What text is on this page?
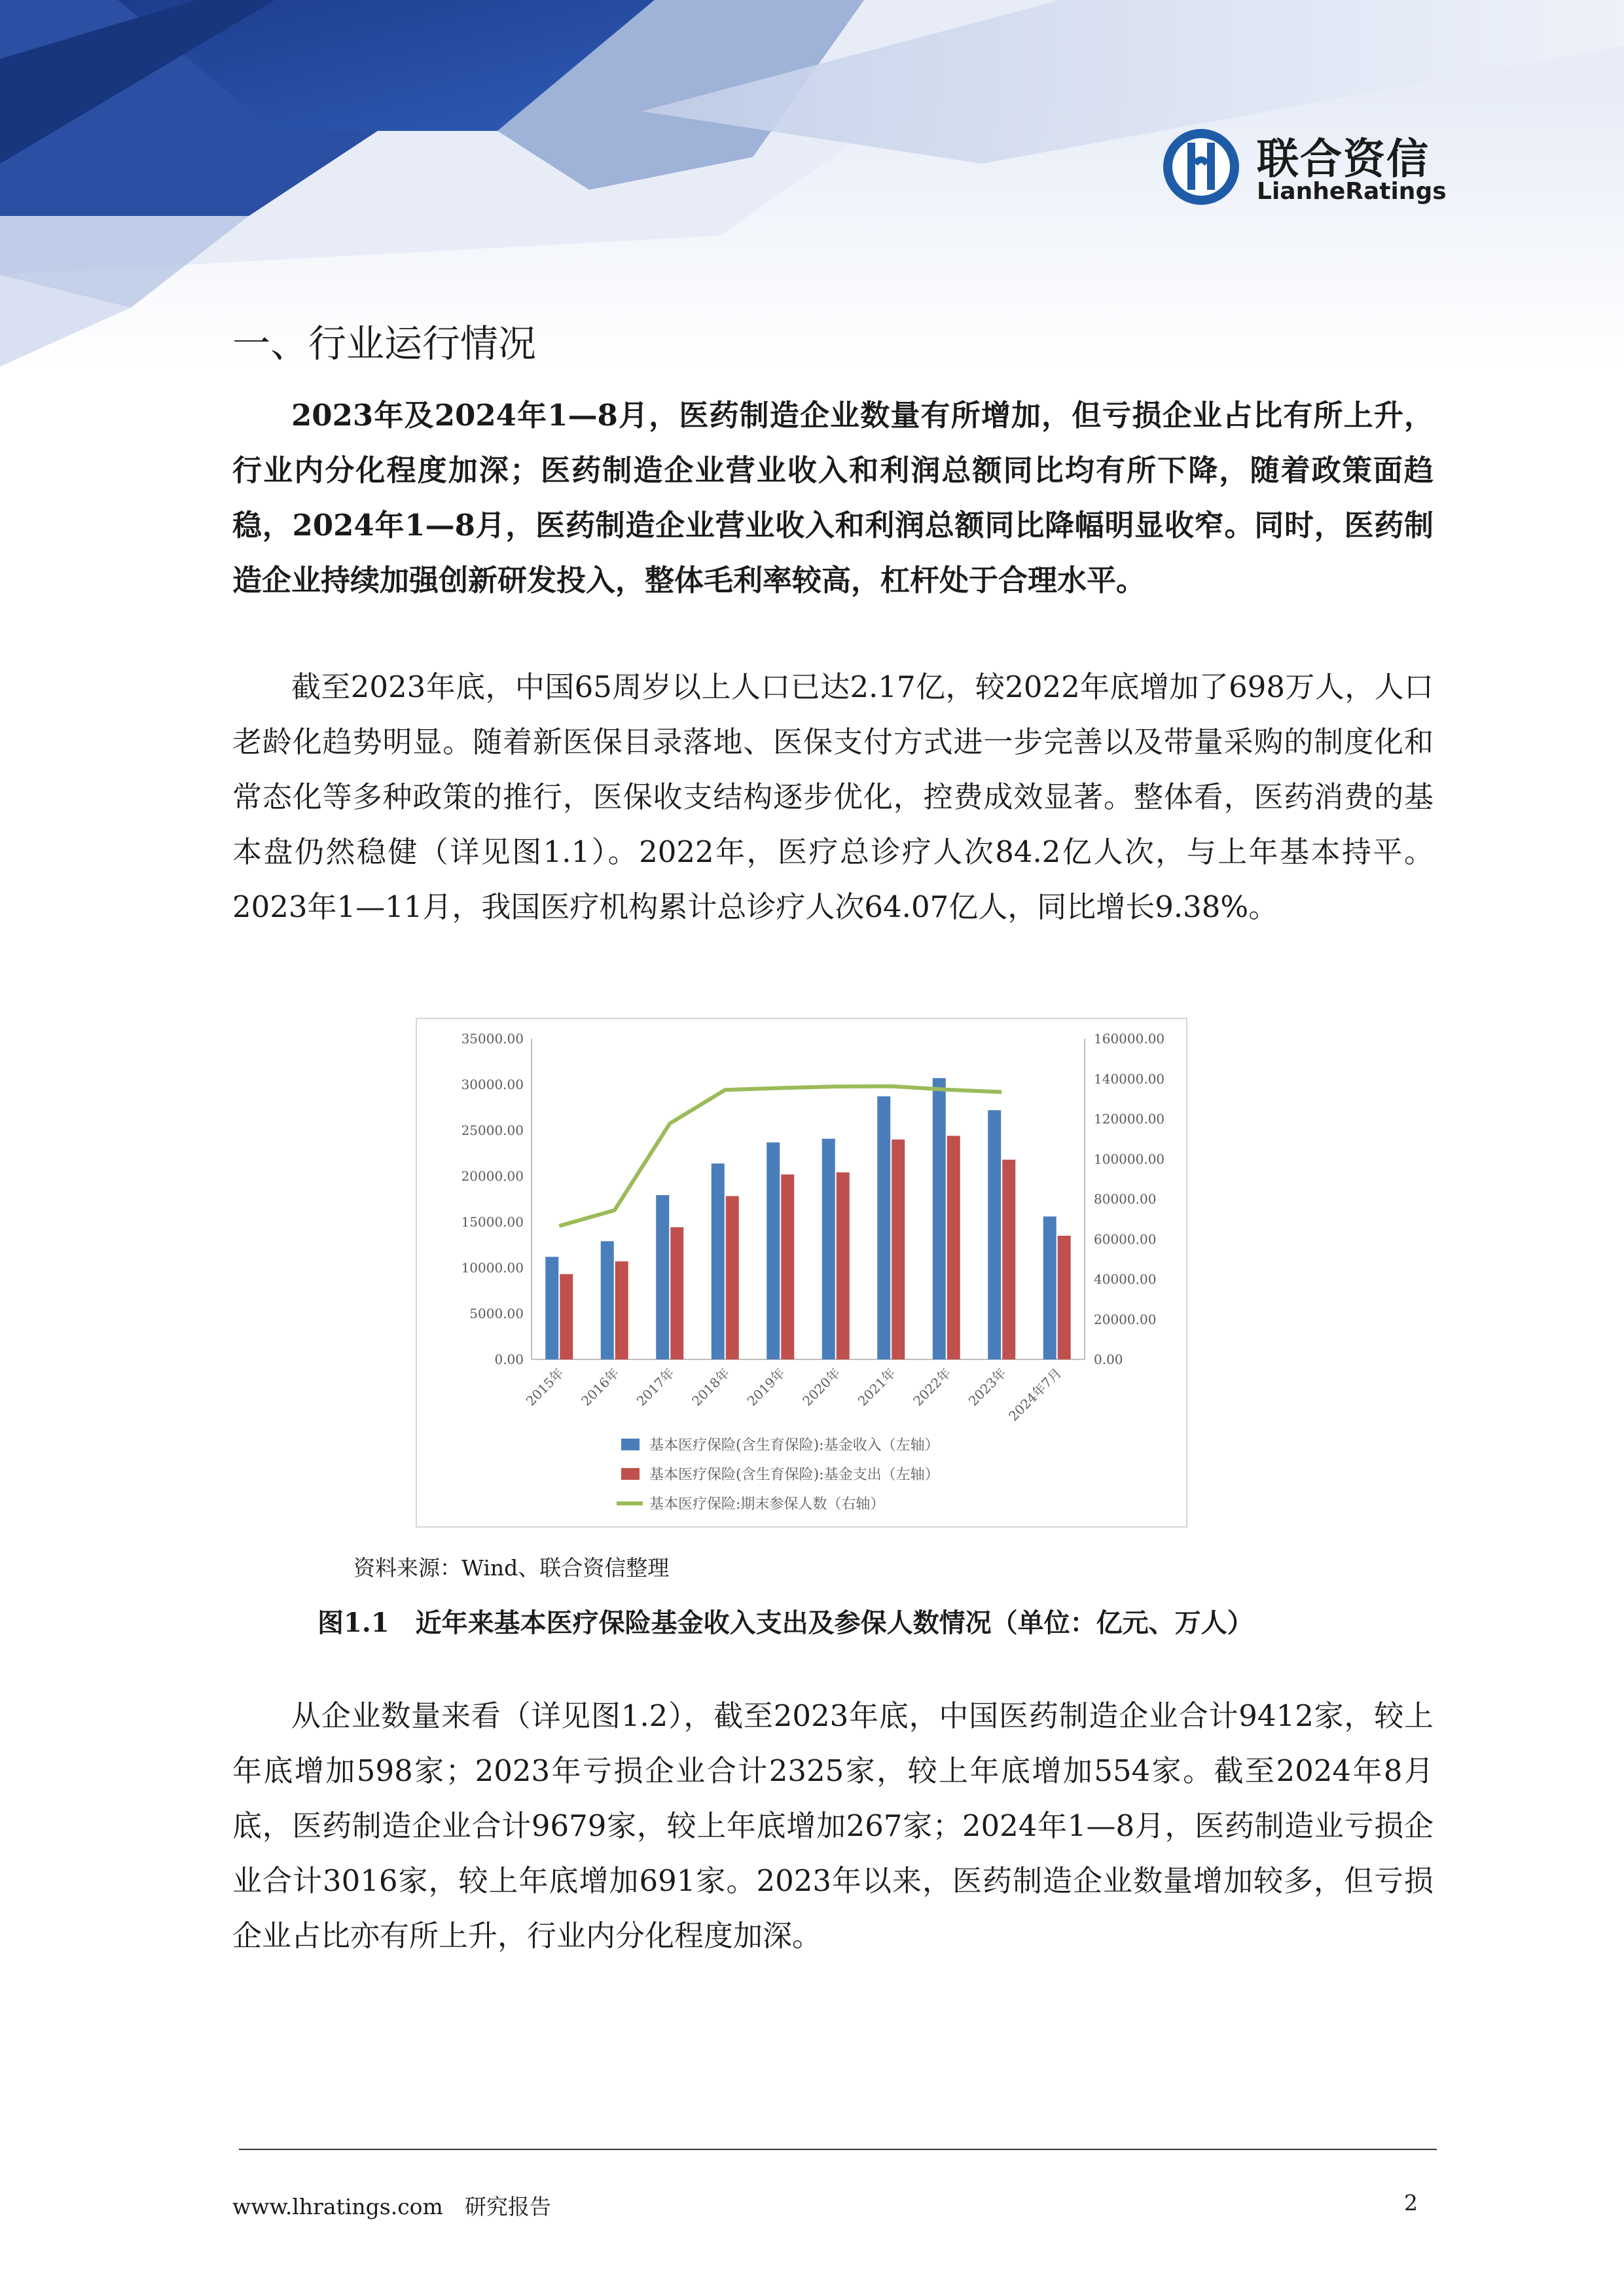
联合资信
LianheRatings
一、行业运行情况

2023年及2024年1—8月，医药制造企业数量有所增加，但亏损企业占比有所上升，行业内分化程度加深；医药制造企业营业收入和利润总额同比均有所下降，随着政策面趋稳，2024年1—8月，医药制造企业营业收入和利润总额同比降幅明显收窄。同时，医药制造企业持续加强创新研发投入，整体毛利率较高，杠杆处于合理水平。

截至2023年底，中国65周岁以上人口已达2.17亿，较2022年底增加了698万人，人口老龄化趋势明显。随着新医保目录落地、医保支付方式进一步完善以及带量采购的制度化和常态化等多种政策的推行，医保收支结构逐步优化，控费成效显著。整体看，医药消费的基本盘仍然稳健（详见图1.1）。2022年，医疗总诊疗人次84.2亿人次，与上年基本持平。2023年1—11月，我国医疗机构累计总诊疗人次64.07亿人，同比增长9.38%。

0.00
5000.00
10000.00
15000.00
20000.00
25000.00
30000.00
35000.00
0.00
20000.00
40000.00
60000.00
80000.00
100000.00
120000.00
140000.00
160000.00
2015年 2016年 2017年 2018年 2019年 2020年 2021年 2022年 2023年
2024年7月
基本医疗保险(含生育保险):基金收入（左轴）
基本医疗保险(含生育保险):基金支出（左轴）
基本医疗保险:期末参保人数（右轴）
资料来源：Wind、联合资信整理
图1.1　近年来基本医疗保险基金收入支出及参保人数情况（单位：亿元、万人）

从企业数量来看（详见图1.2），截至2023年底，中国医药制造企业合计9412家，较上年底增加598家；2023年亏损企业合计2325家，较上年底增加554家。截至2024年8月底，医药制造企业合计9679家，较上年底增加267家；2024年1—8月，医药制造业亏损企业合计3016家，较上年底增加691家。2023年以来，医药制造企业数量增加较多，但亏损企业占比亦有所上升，行业内分化程度加深。

www.lhratings.com　研究报告	2
